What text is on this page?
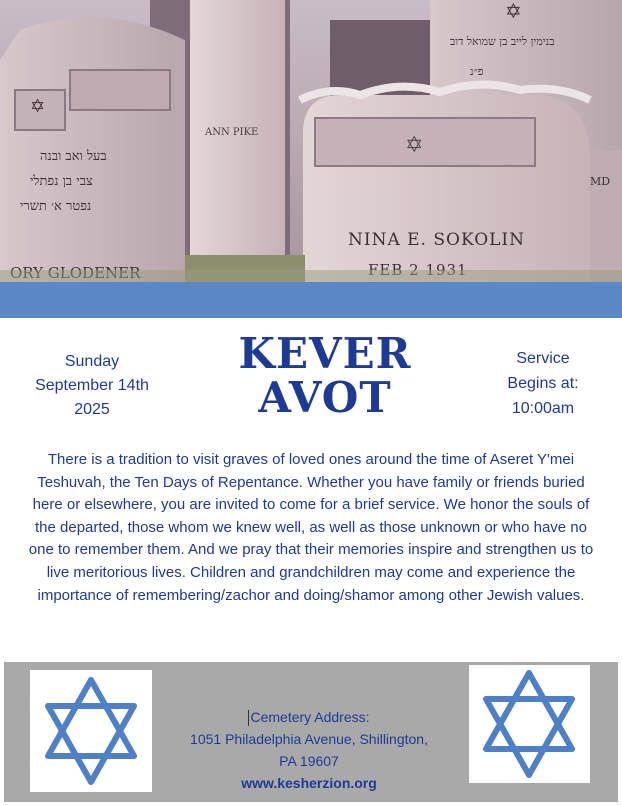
✡
בעל ואב ובנה
צבי בן נפתלי
נפטר א׳ תשרי
ANN PIKE
✡
בנימין לייב בן שמואל דוב
פ״נ
MD
✡
NINA E. SOKOLIN
Sunday
September 14th
2025
KEVER
AVOT
Service
Begins at:
10:00am
There is a tradition to visit graves of loved ones around the time of Aseret Y'mei Teshuvah, the Ten Days of Repentance. Whether you have family or friends buried here or elsewhere, you are invited to come for a brief service. We honor the souls of the departed, those whom we knew well, as well as those unknown or who have no one to remember them. And we pray that their memories inspire and strengthen us to live meritorious lives. Children and grandchildren may come and experience the importance of remembering/zachor and doing/shamor among other Jewish values.
Cemetery Address:
1051 Philadelphia Avenue, Shillington,
PA 19607
www.kesherzion.org
